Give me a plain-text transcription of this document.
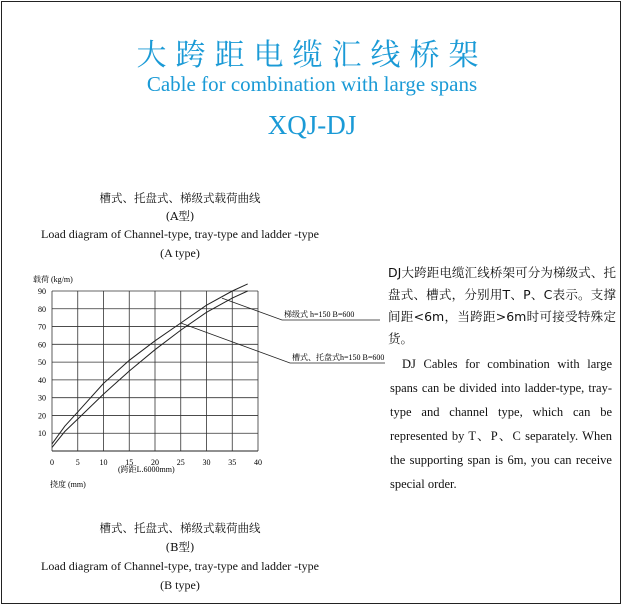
大跨距电缆汇线桥架
Cable for combination with large spans
XQJ-DJ
槽式、托盘式、梯级式载荷曲线
(A型)
Load diagram of Channel-type, tray-type and ladder -type
(A type)
10
20
30
40
50
60
70
80
90
0	5 10 15 20 25 30 35 40
载荷 (kg/m)
挠度 (mm)
(跨距L.6000mm)
梯级式 h=150 B=600
槽式、托盘式h=150 B=600
DJ大跨距电缆汇线桥架可分为梯级式、托盘式、槽式，分别用T、P、C表示。支撑间距<6m，当跨距>6m时可接受特殊定货。
DJ Cables for combination with large spans can be divided into ladder-type, tray-type and channel type, which can be represented by T、P、C separately. When the supporting span is 6m, you can receive special order.
槽式、托盘式、梯级式载荷曲线
(B型)
Load diagram of Channel-type, tray-type and ladder -type
(B type)
